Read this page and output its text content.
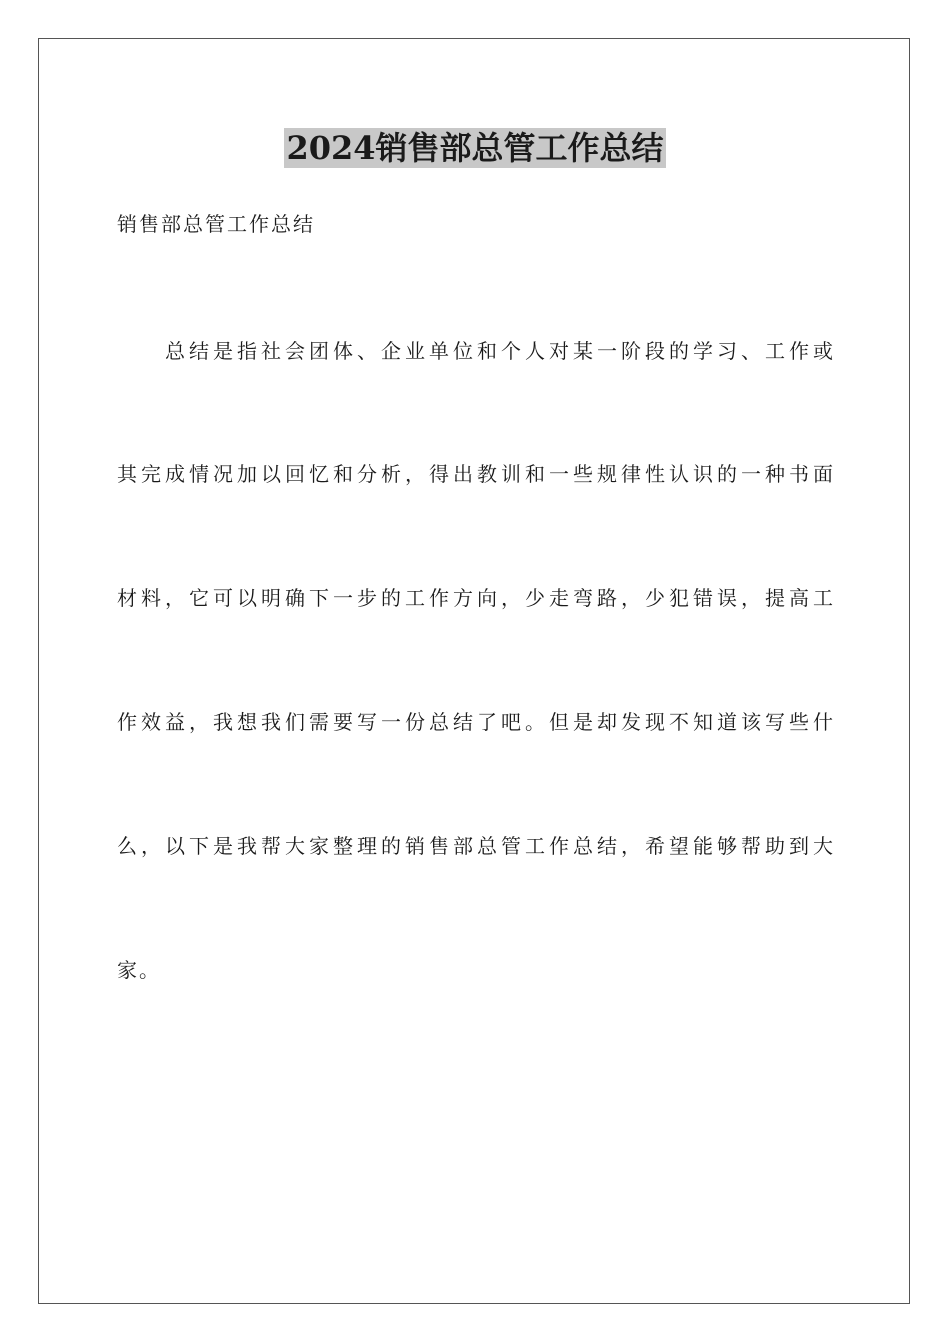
2024销售部总管工作总结
销售部总管工作总结
总结是指社会团体、企业单位和个人对某一阶段的学习、工作或
其完成情况加以回忆和分析，得出教训和一些规律性认识的一种书面
材料，它可以明确下一步的工作方向，少走弯路，少犯错误，提高工
作效益，我想我们需要写一份总结了吧。但是却发现不知道该写些什
么，以下是我帮大家整理的销售部总管工作总结，希望能够帮助到大
家。
